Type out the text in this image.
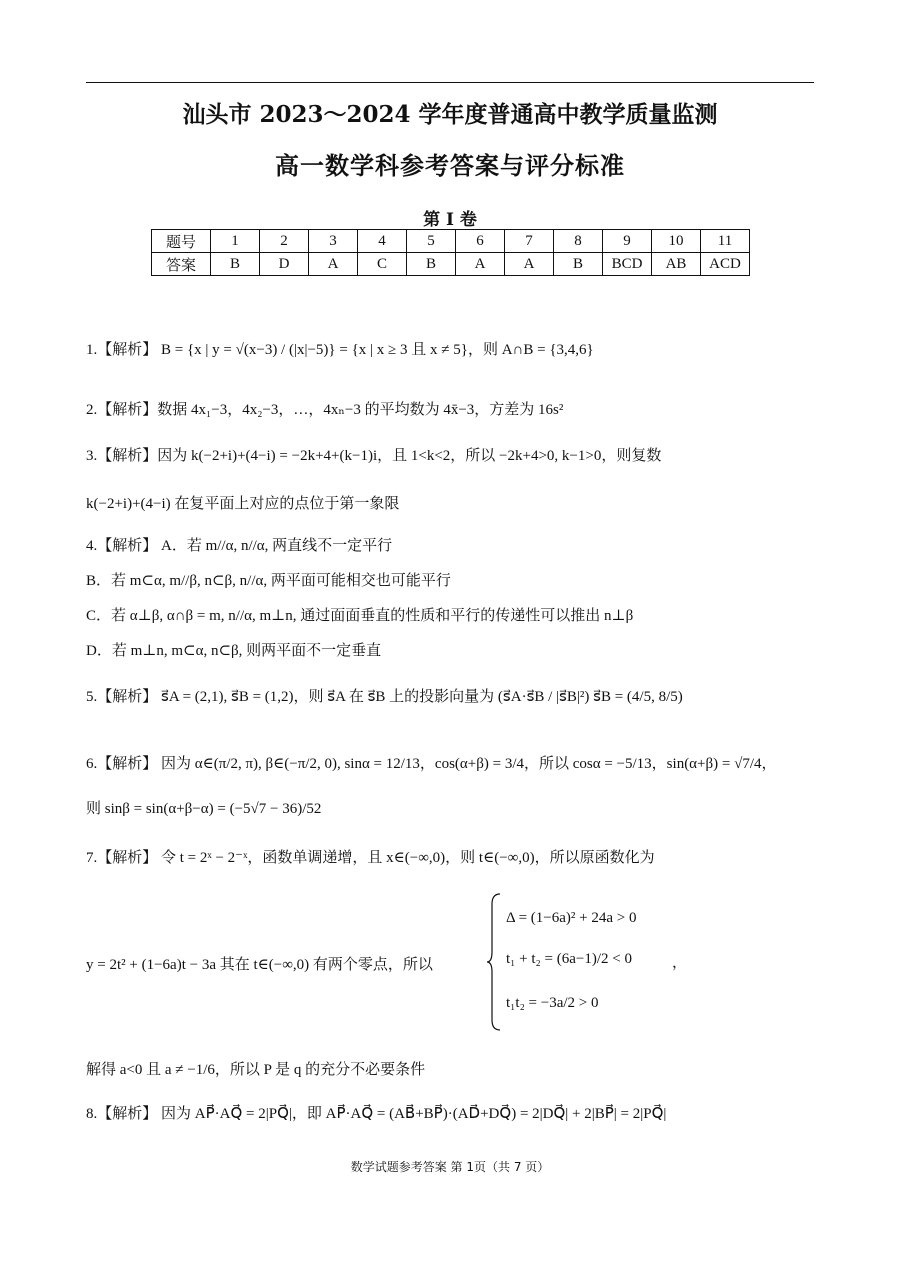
汕头市 2023～2024 学年度普通高中教学质量监测
高一数学科参考答案与评分标准
第 Ⅰ 卷
题号	1	2	3	4	5	6	7	8	9	10	11
答案	B	D	A	C	B	A	A	B	BCD	AB	ACD
1.【解析】 B = {x | y = √(x−3) / (|x|−5)} = {x | x ≥ 3 且 x ≠ 5}，则 A∩B = {3,4,6}
2.【解析】数据 4x₁−3，4x₂−3，…，4xₙ−3 的平均数为 4x̄−3，方差为 16s²
3.【解析】因为 k(−2+i)+(4−i) = −2k+4+(k−1)i，且 1<k<2，所以 −2k+4>0, k−1>0，则复数
k(−2+i)+(4−i) 在复平面上对应的点位于第一象限
4.【解析】 A．若 m//α, n//α, 两直线不一定平行
B．若 m⊂α, m//β, n⊂β, n//α, 两平面可能相交也可能平行
C．若 α⊥β, α∩β = m, n//α, m⊥n, 通过面面垂直的性质和平行的传递性可以推出 n⊥β
D．若 m⊥n, m⊂α, n⊂β, 则两平面不一定垂直
5.【解析】 s⃗A = (2,1), s⃗B = (1,2)，则 s⃗A 在 s⃗B 上的投影向量为 (s⃗A·s⃗B / |s⃗B|²) s⃗B = (4/5, 8/5)
6.【解析】 因为 α∈(π/2, π), β∈(−π/2, 0), sinα = 12/13，cos(α+β) = 3/4，所以 cosα = −5/13，sin(α+β) = √7/4，
则 sinβ = sin(α+β−α) = (−5√7 − 36)/52
7.【解析】 令 t = 2ˣ − 2⁻ˣ，函数单调递增，且 x∈(−∞,0)，则 t∈(−∞,0)，所以原函数化为
y = 2t² + (1−6a)t − 3a 其在 t∈(−∞,0) 有两个零点，所以
Δ = (1−6a)² + 24a > 0
t₁ + t₂ = (6a−1)/2 < 0
t₁t₂ = −3a/2 > 0
，
解得 a<0 且 a ≠ −1/6，所以 P 是 q 的充分不必要条件
8.【解析】 因为 AP⃗·AQ⃗ = 2|PQ⃗|，即 AP⃗·AQ⃗ = (AB⃗+BP⃗)·(AD⃗+DQ⃗) = 2|DQ⃗| + 2|BP⃗| = 2|PQ⃗|
数学试题参考答案 第 1页（共 7 页）
